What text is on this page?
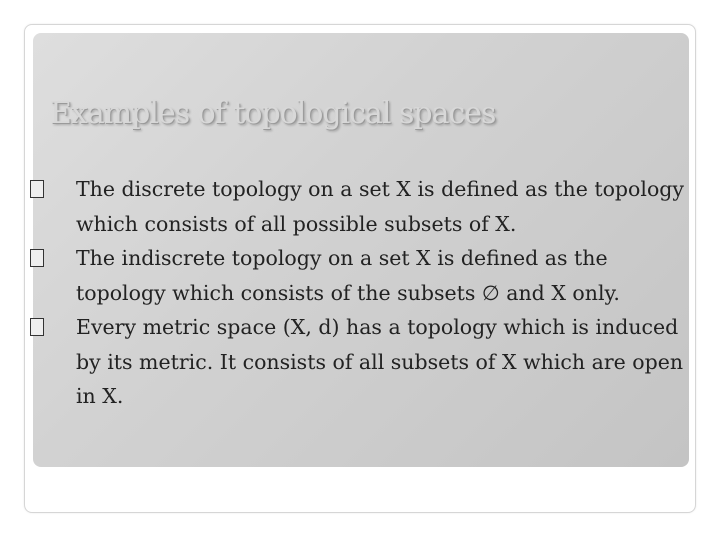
Examples of topological spaces
The discrete topology on a set X is defined as the topology which consists of all possible subsets of X.
The indiscrete topology on a set X is defined as the topology which consists of the subsets ∅ and X only.
Every metric space (X, d) has a topology which is induced by its metric. It consists of all subsets of X which are open in X.
